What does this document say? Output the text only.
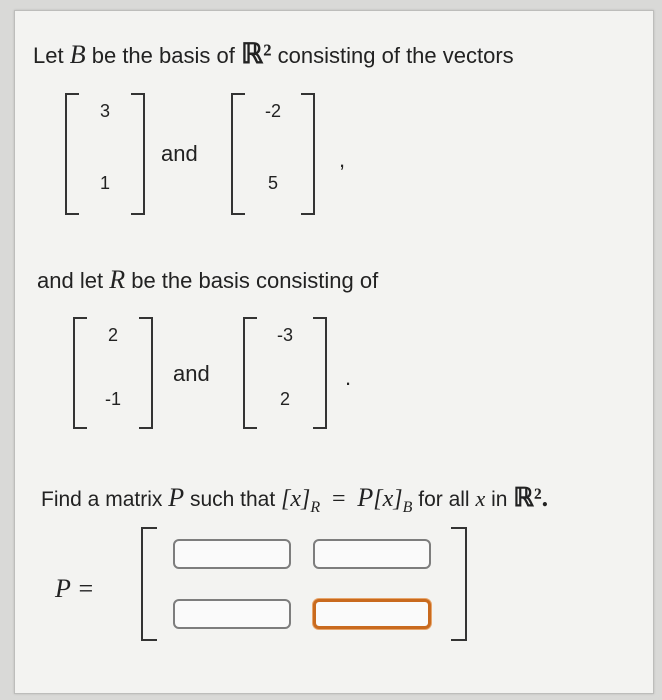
Let B be the basis of ℝ² consisting of the vectors
3
1
and
-2
5
,
and let R be the basis consisting of
2
-1
and
-3
2
.
Find a matrix P such that $[x]_R = P[x]_B$ for all x in ℝ².
P =
